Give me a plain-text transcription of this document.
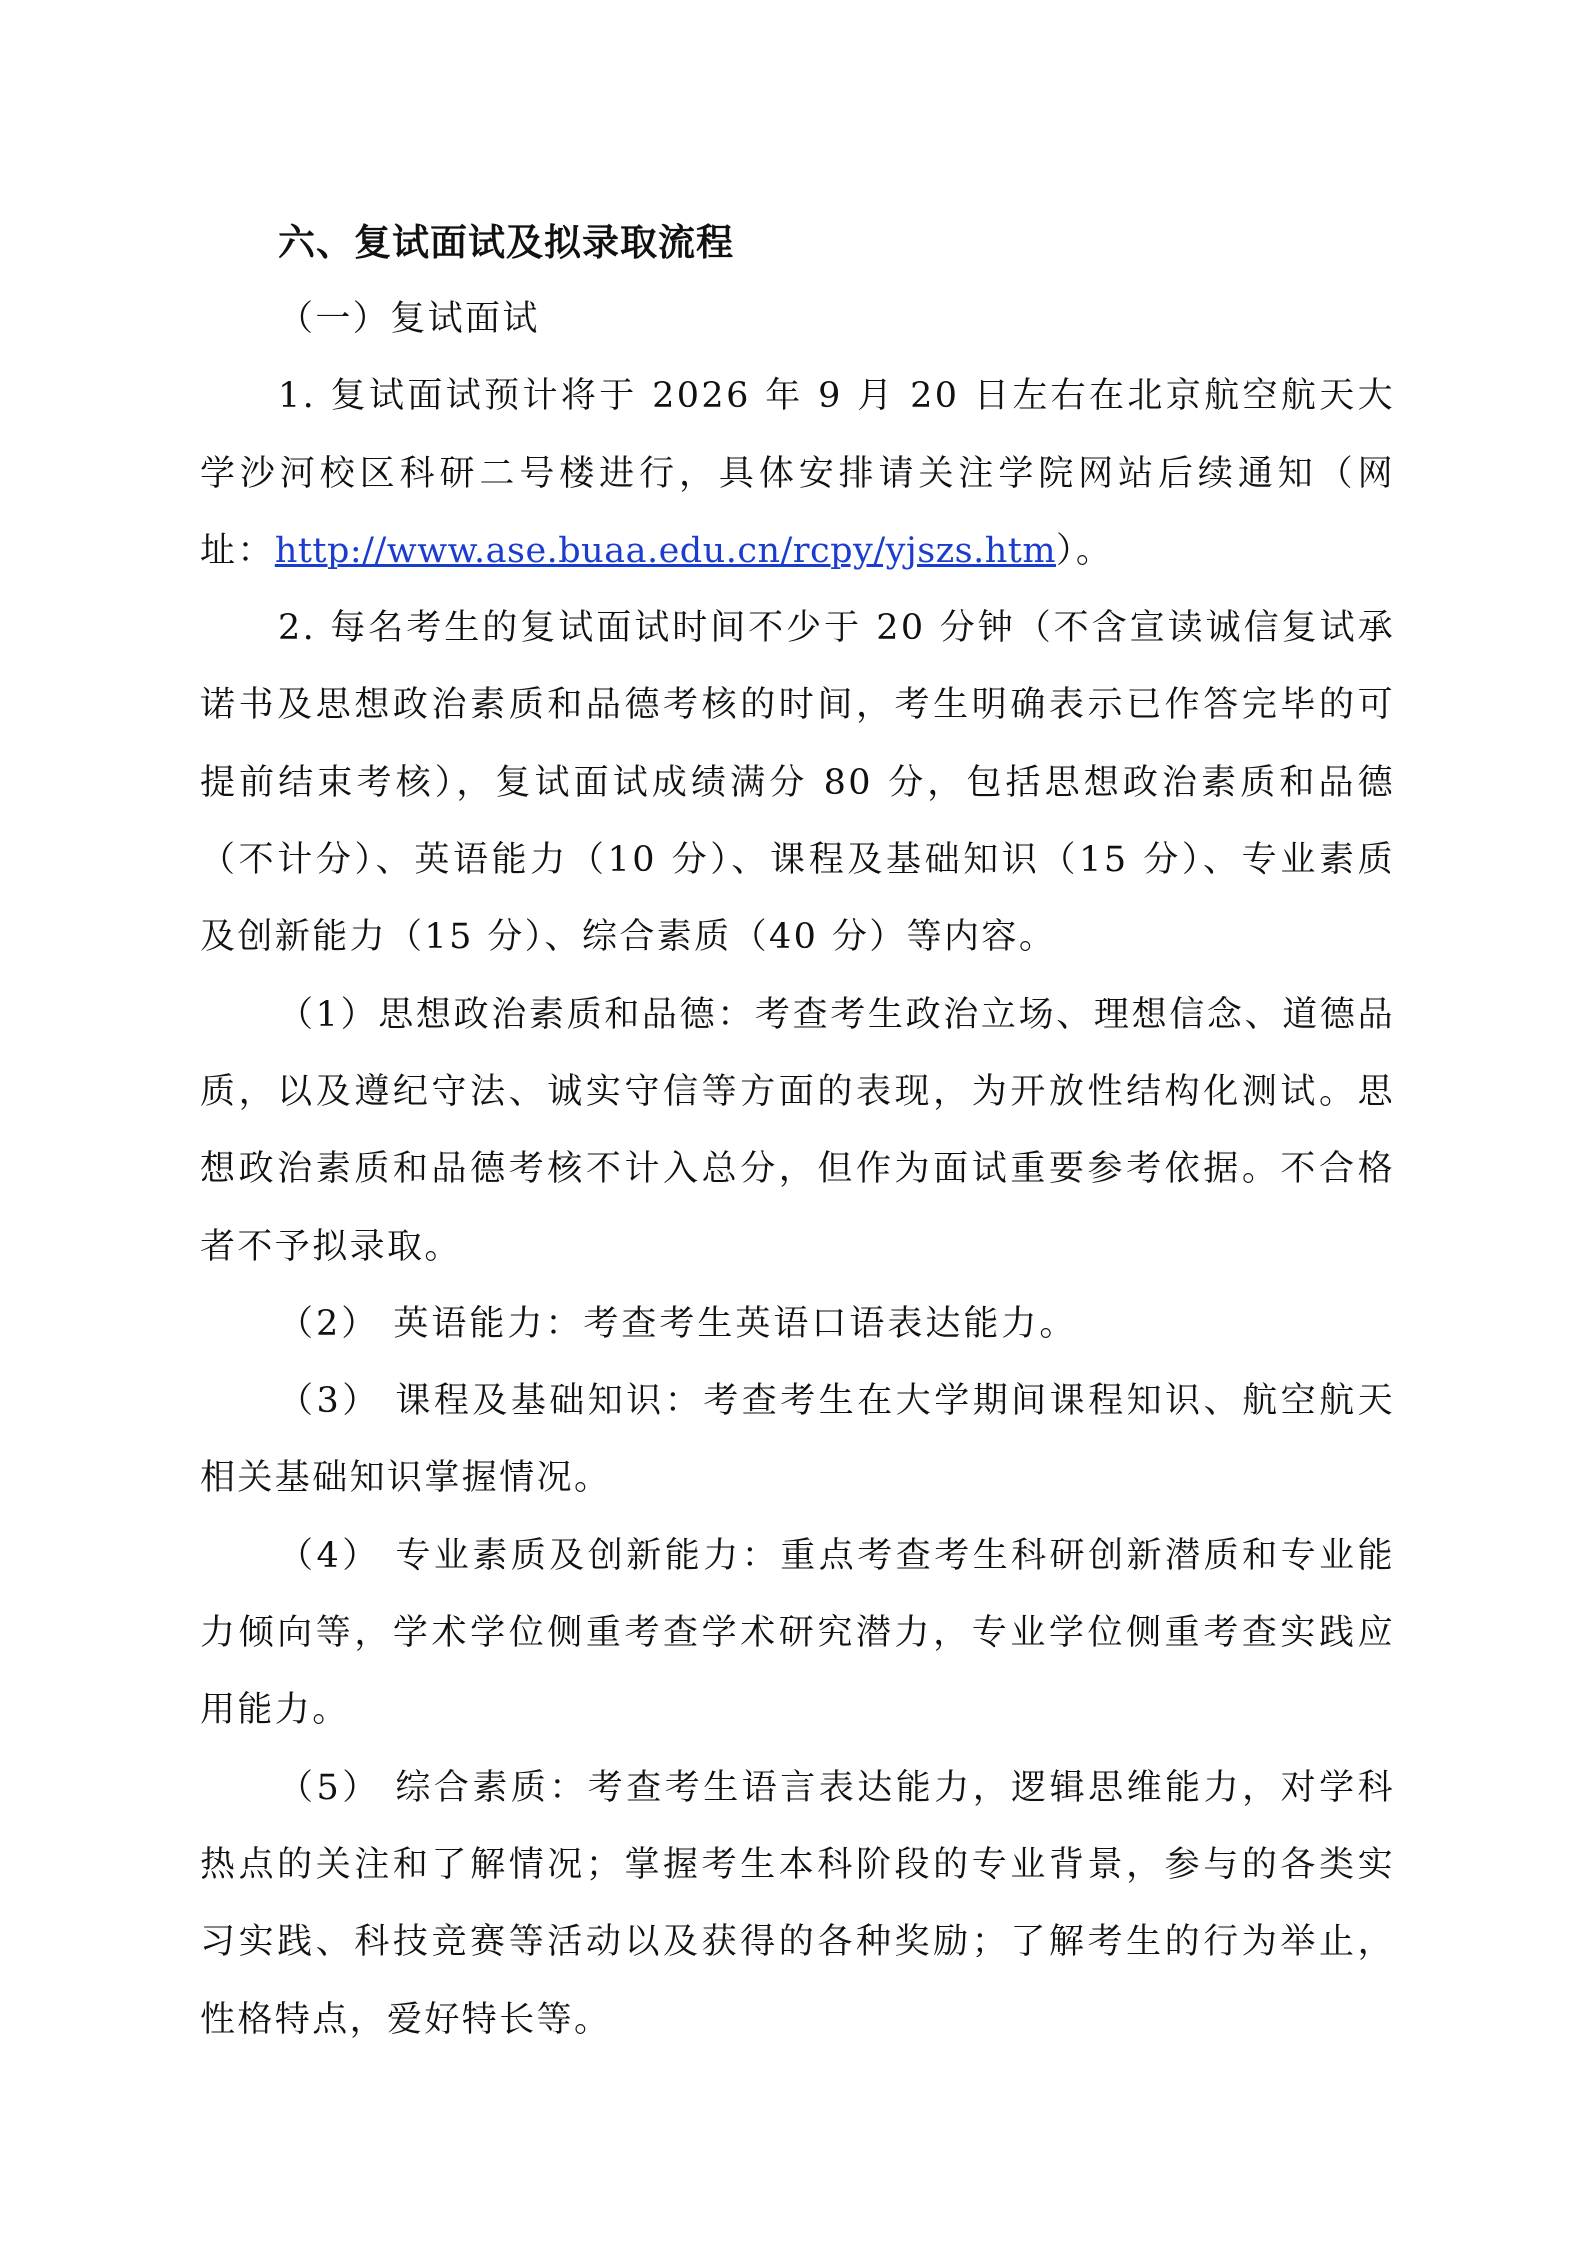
六、复试面试及拟录取流程

（一）复试面试

1. 复试面试预计将于 2026 年 9 月 20 日左右在北京航空航天大学沙河校区科研二号楼进行，具体安排请关注学院网站后续通知（网址：http://www.ase.buaa.edu.cn/rcpy/yjszs.htm）。

2. 每名考生的复试面试时间不少于 20 分钟（不含宣读诚信复试承诺书及思想政治素质和品德考核的时间，考生明确表示已作答完毕的可提前结束考核），复试面试成绩满分 80 分，包括思想政治素质和品德（不计分）、英语能力（10 分）、课程及基础知识（15 分）、专业素质及创新能力（15 分）、综合素质（40 分）等内容。

（1）思想政治素质和品德：考查考生政治立场、理想信念、道德品质，以及遵纪守法、诚实守信等方面的表现，为开放性结构化测试。思想政治素质和品德考核不计入总分，但作为面试重要参考依据。不合格者不予拟录取。

（2） 英语能力：考查考生英语口语表达能力。

（3） 课程及基础知识：考查考生在大学期间课程知识、航空航天相关基础知识掌握情况。

（4） 专业素质及创新能力：重点考查考生科研创新潜质和专业能力倾向等，学术学位侧重考查学术研究潜力，专业学位侧重考查实践应用能力。

（5） 综合素质：考查考生语言表达能力，逻辑思维能力，对学科热点的关注和了解情况；掌握考生本科阶段的专业背景，参与的各类实习实践、科技竞赛等活动以及获得的各种奖励；了解考生的行为举止，性格特点，爱好特长等。
